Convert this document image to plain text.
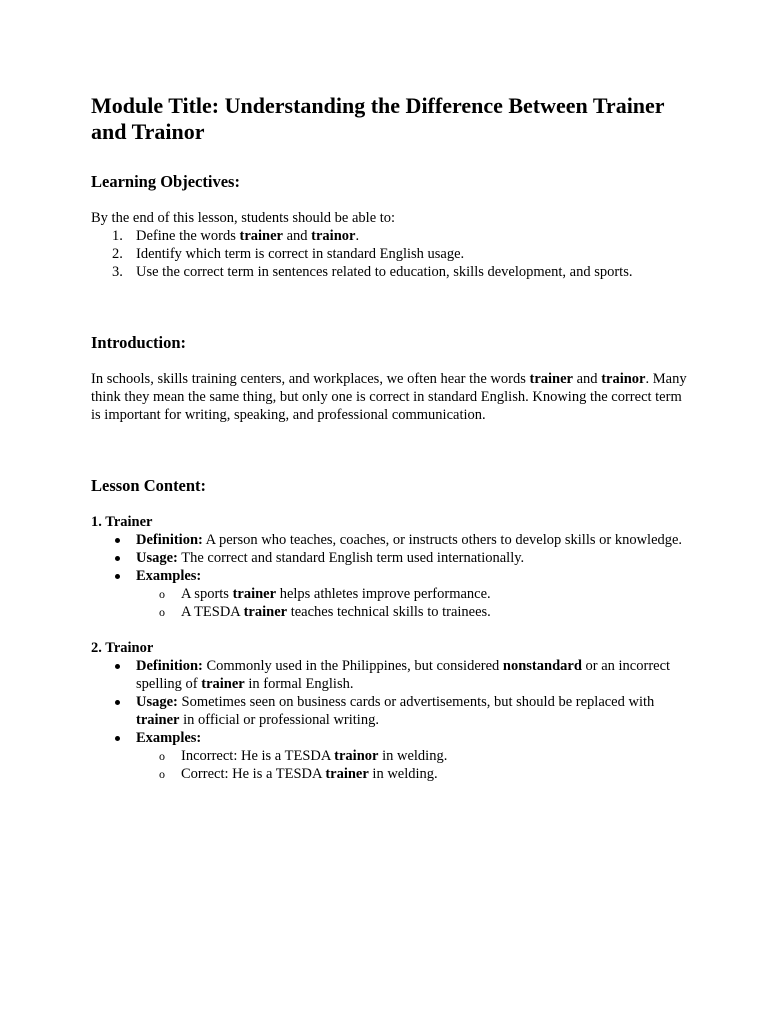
Module Title: Understanding the Difference Between Trainer and Trainor
Learning Objectives:

By the end of this lesson, students should be able to:

1. Define the words trainer and trainor.
2. Identify which term is correct in standard English usage.
3. Use the correct term in sentences related to education, skills development, and sports.
Introduction:

In schools, skills training centers, and workplaces, we often hear the words trainer and trainor. Many think they mean the same thing, but only one is correct in standard English. Knowing the correct term is important for writing, speaking, and professional communication.

Lesson Content:
1. Trainer
Definition: A person who teaches, coaches, or instructs others to develop skills or knowledge.
Usage: The correct and standard English term used internationally.
Examples:
o A sports trainer helps athletes improve performance.
o A TESDA trainer teaches technical skills to trainees.
2. Trainor
Definition: Commonly used in the Philippines, but considered nonstandard or an incorrect spelling of trainer in formal English.
Usage: Sometimes seen on business cards or advertisements, but should be replaced with trainer in official or professional writing.
Examples:
o Incorrect: He is a TESDA trainor in welding.
o Correct: He is a TESDA trainer in welding.
